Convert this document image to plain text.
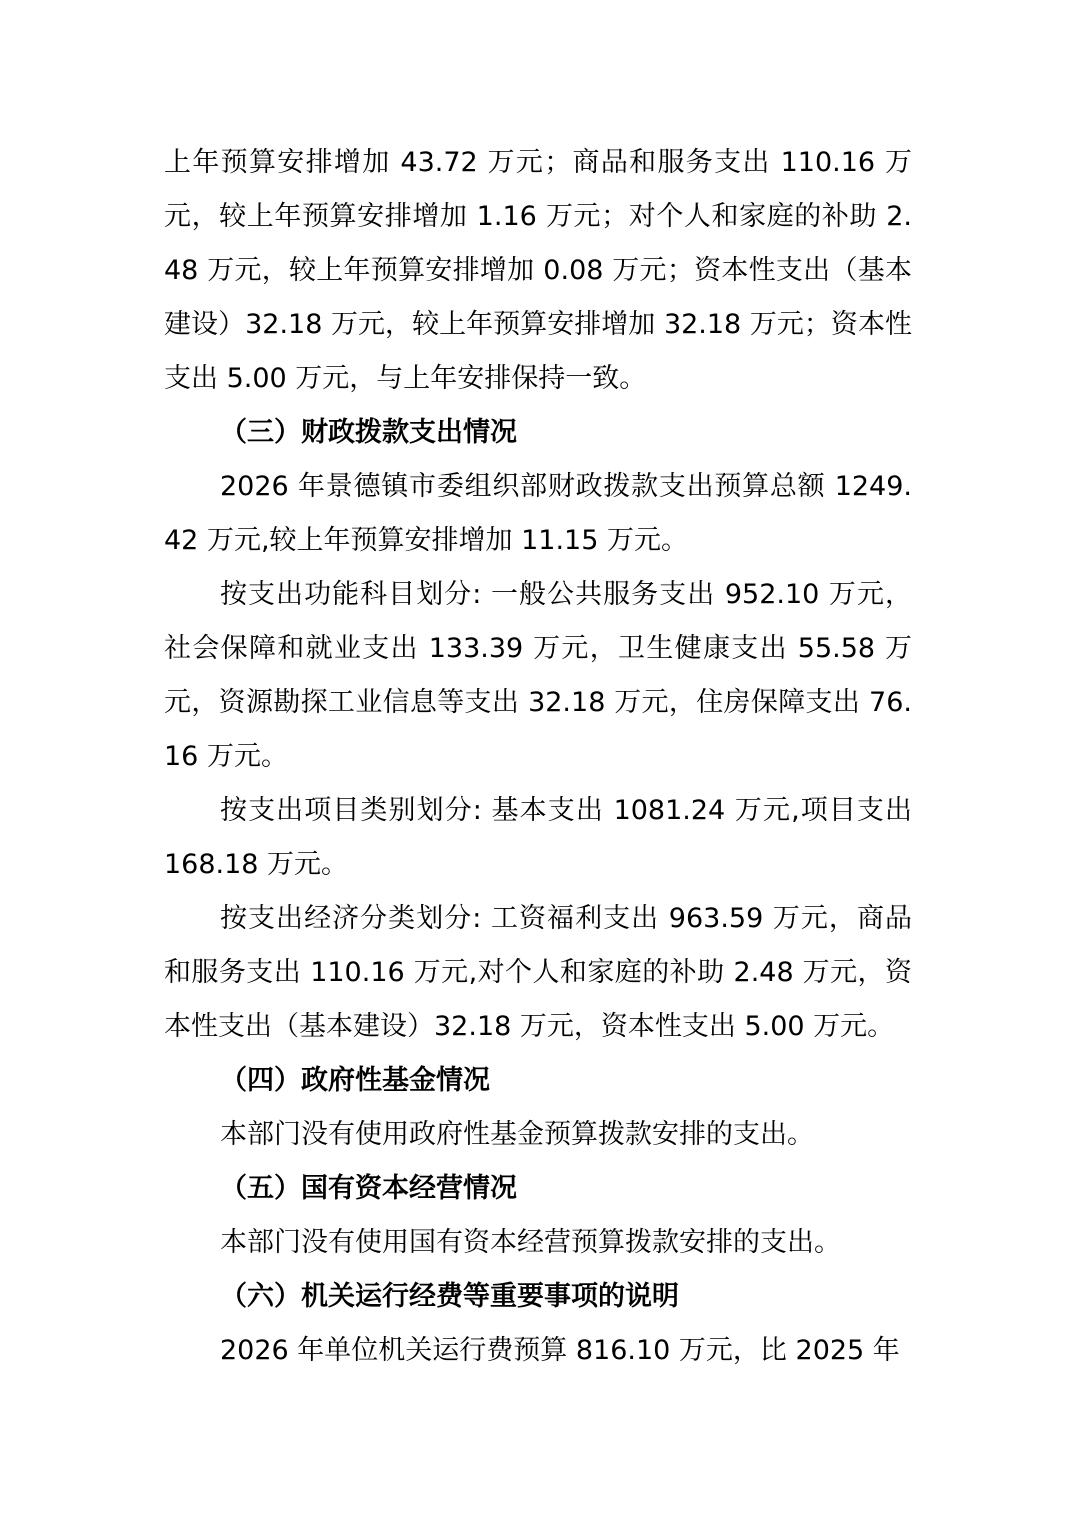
上年预算安排增加 43.72 万元；商品和服务支出 110.16 万元，较上年预算安排增加 1.16 万元；对个人和家庭的补助 2.48 万元，较上年预算安排增加 0.08 万元；资本性支出（基本建设）32.18 万元，较上年预算安排增加 32.18 万元；资本性支出 5.00 万元，与上年安排保持一致。

（三）财政拨款支出情况

2026 年景德镇市委组织部财政拨款支出预算总额 1249.42 万元,较上年预算安排增加 11.15 万元。

按支出功能科目划分: 一般公共服务支出 952.10 万元，社会保障和就业支出 133.39 万元，卫生健康支出 55.58 万元，资源勘探工业信息等支出 32.18 万元，住房保障支出 76.16 万元。

按支出项目类别划分: 基本支出 1081.24 万元,项目支出 168.18 万元。

按支出经济分类划分: 工资福利支出 963.59 万元，商品和服务支出 110.16 万元,对个人和家庭的补助 2.48 万元，资本性支出（基本建设）32.18 万元，资本性支出 5.00 万元。

（四）政府性基金情况

本部门没有使用政府性基金预算拨款安排的支出。

（五）国有资本经营情况

本部门没有使用国有资本经营预算拨款安排的支出。

（六）机关运行经费等重要事项的说明

2026 年单位机关运行费预算 816.10 万元，比 2025 年
